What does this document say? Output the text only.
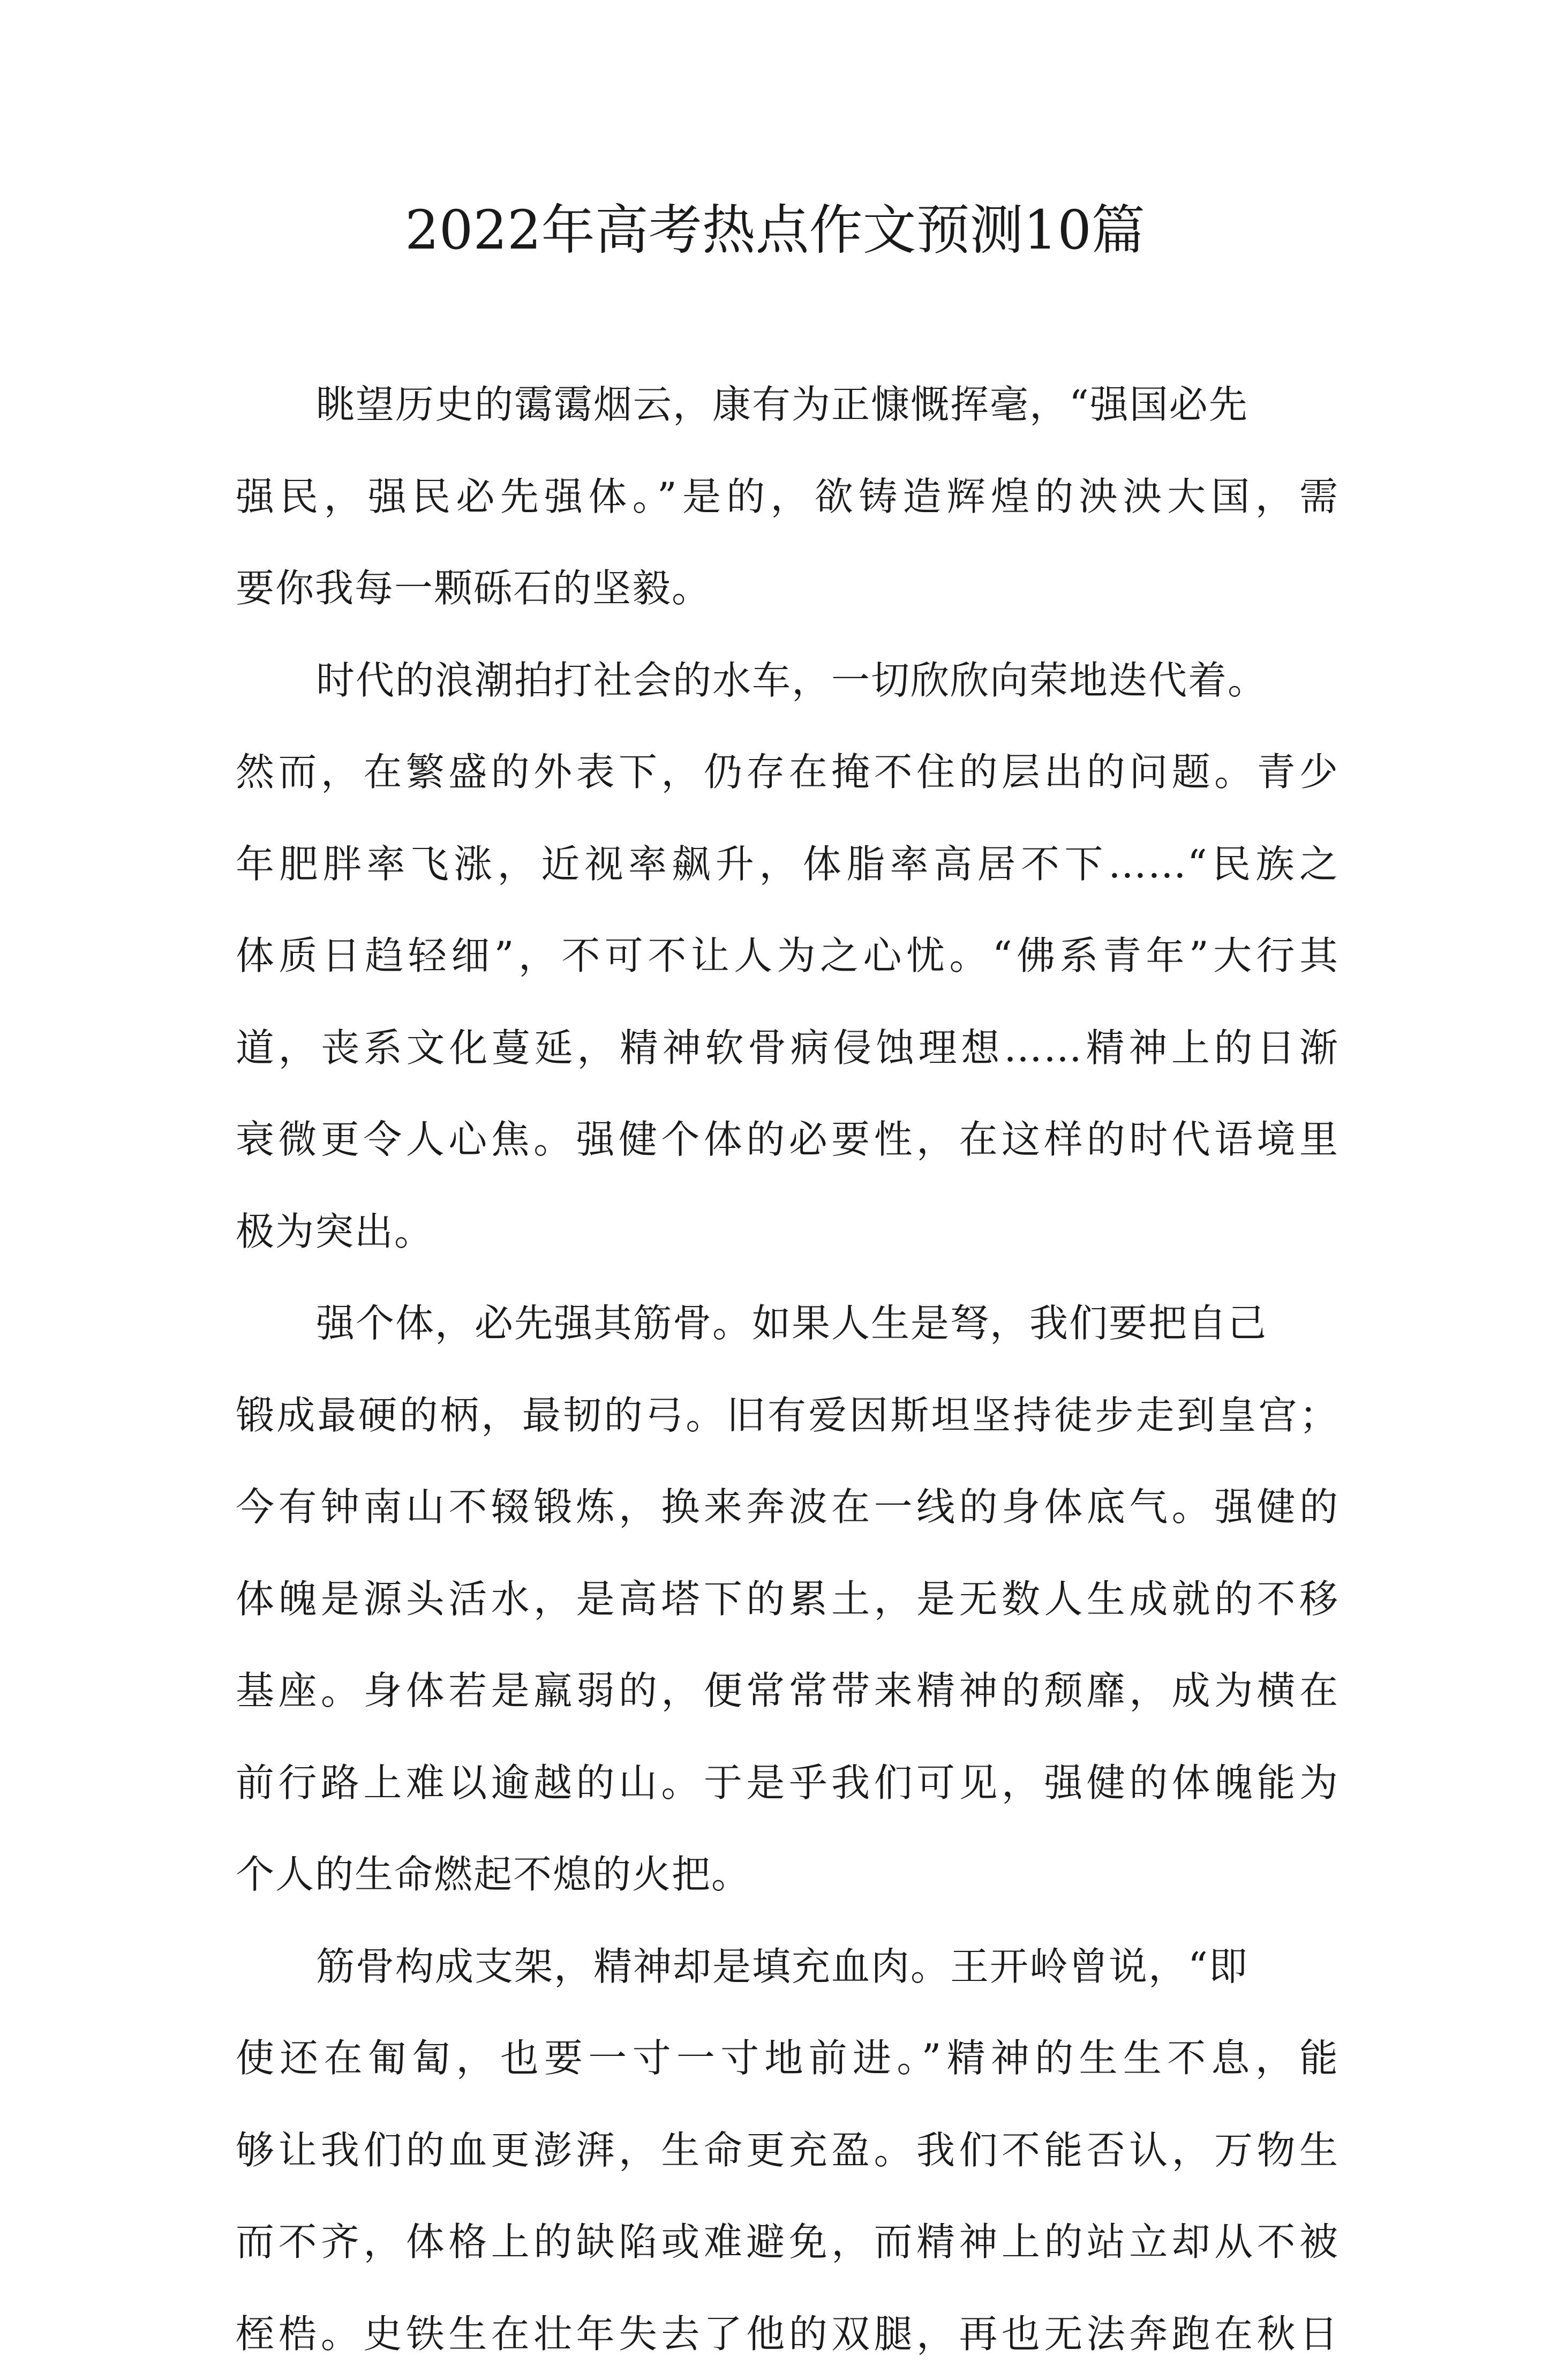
2022年高考热点作文预测10篇
眺望历史的霭霭烟云，康有为正慷慨挥毫，“强国必先
强民，强民必先强体。”是的，欲铸造辉煌的泱泱大国，需
要你我每一颗砾石的坚毅。
时代的浪潮拍打社会的水车，一切欣欣向荣地迭代着。
然而，在繁盛的外表下，仍存在掩不住的层出的问题。青少
年肥胖率飞涨，近视率飙升，体脂率高居不下……“民族之
体质日趋轻细”，不可不让人为之心忧。“佛系青年”大行其
道，丧系文化蔓延，精神软骨病侵蚀理想……精神上的日渐
衰微更令人心焦。强健个体的必要性，在这样的时代语境里
极为突出。
强个体，必先强其筋骨。如果人生是弩，我们要把自己
锻成最硬的柄，最韧的弓。旧有爱因斯坦坚持徒步走到皇宫；
今有钟南山不辍锻炼，换来奔波在一线的身体底气。强健的
体魄是源头活水，是高塔下的累土，是无数人生成就的不移
基座。身体若是羸弱的，便常常带来精神的颓靡，成为横在
前行路上难以逾越的山。于是乎我们可见，强健的体魄能为
个人的生命燃起不熄的火把。
筋骨构成支架，精神却是填充血肉。王开岭曾说，“即
使还在匍匐，也要一寸一寸地前进。”精神的生生不息，能
够让我们的血更澎湃，生命更充盈。我们不能否认，万物生
而不齐，体格上的缺陷或难避免，而精神上的站立却从不被
桎梏。史铁生在壮年失去了他的双腿，再也无法奔跑在秋日
